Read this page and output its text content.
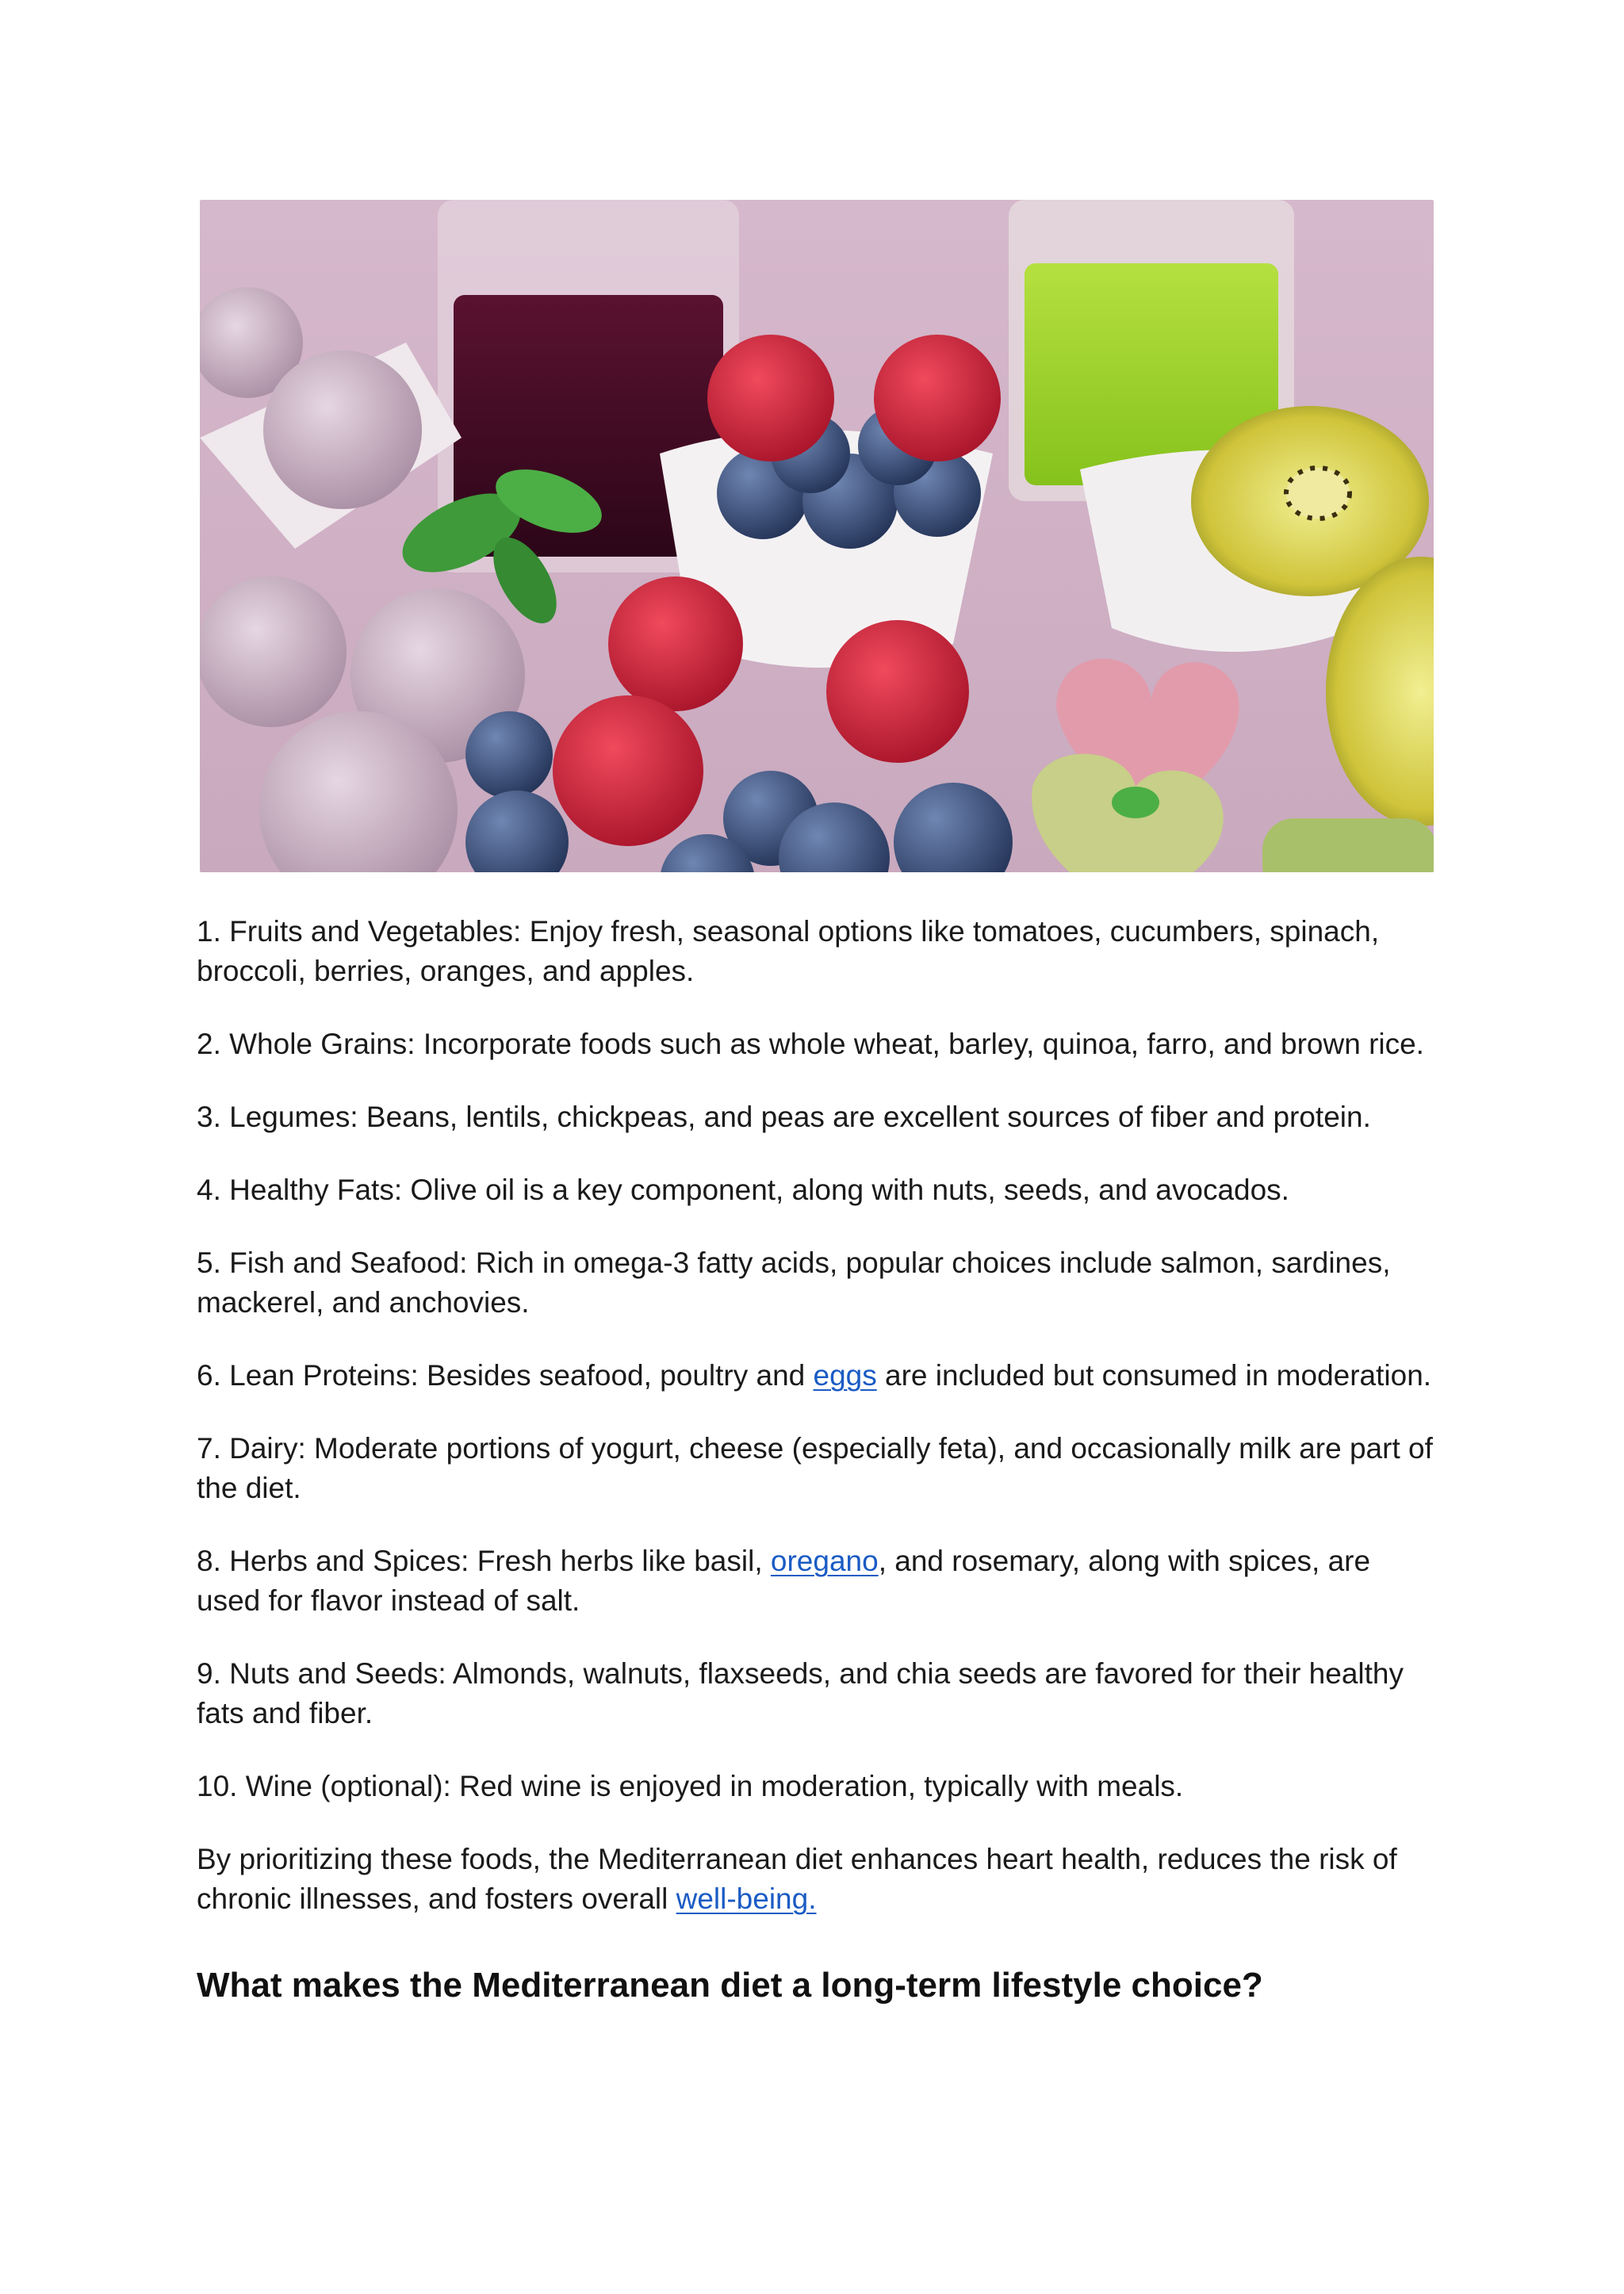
1. Fruits and Vegetables: Enjoy fresh, seasonal options like tomatoes, cucumbers, spinach, broccoli, berries, oranges, and apples.

2. Whole Grains: Incorporate foods such as whole wheat, barley, quinoa, farro, and brown rice.

3. Legumes: Beans, lentils, chickpeas, and peas are excellent sources of fiber and protein.

4. Healthy Fats: Olive oil is a key component, along with nuts, seeds, and avocados.

5. Fish and Seafood: Rich in omega-3 fatty acids, popular choices include salmon, sardines, mackerel, and anchovies.

6. Lean Proteins: Besides seafood, poultry and eggs are included but consumed in moderation.

7. Dairy: Moderate portions of yogurt, cheese (especially feta), and occasionally milk are part of the diet.

8. Herbs and Spices: Fresh herbs like basil, oregano, and rosemary, along with spices, are used for flavor instead of salt.

9. Nuts and Seeds: Almonds, walnuts, flaxseeds, and chia seeds are favored for their healthy fats and fiber.

10. Wine (optional): Red wine is enjoyed in moderation, typically with meals.

By prioritizing these foods, the Mediterranean diet enhances heart health, reduces the risk of chronic illnesses, and fosters overall well-being.

What makes the Mediterranean diet a long-term lifestyle choice?
